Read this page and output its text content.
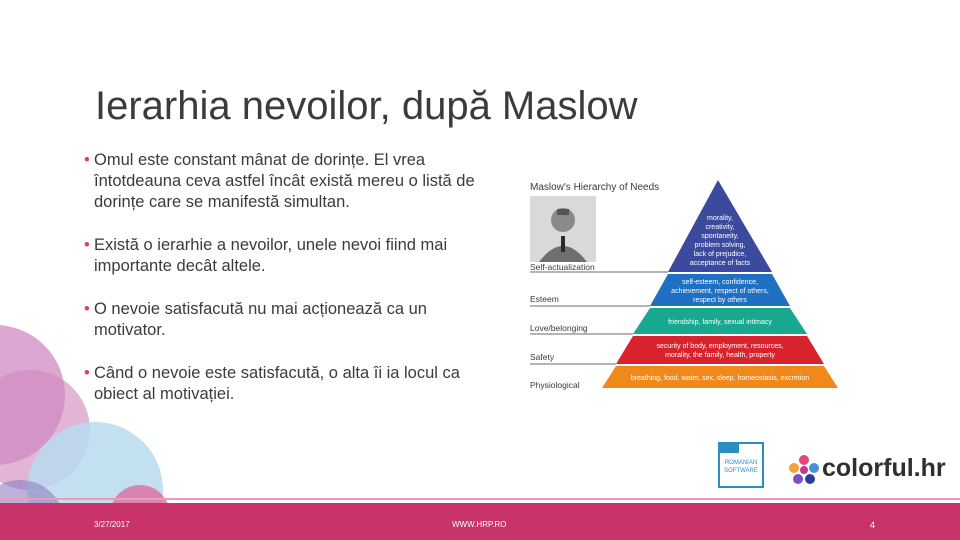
Ierarhia nevoilor, după Maslow
• Omul este constant mânat de dorințe. El vrea întotdeauna ceva astfel încât există mereu o listă de dorințe care se manifestă simultan.
• Există o ierarhie a nevoilor, unele nevoi fiind mai importante decât altele.
• O nevoie satisfacută nu mai acționează ca un motivator.
• Când o nevoie este satisfacută, o alta îi ia locul ca obiect al motivației.
Maslow's Hierarchy of Needs
Self-actualization
Esteem
Love/belonging
Safety
Physiological
morality,
creativity,
spontaneity,
problem solving,
lack of prejudice,
acceptance of facts
self-esteem, confidence,
achievement, respect of others,
respect by others
friendship, family, sexual intimacy
security of body, employment, resources,
morality, the family, health, property
breathing, food, water, sex, sleep, homeostasis, excretion
ROMANIAN
SOFTWARE	colorful.hr
3/27/2017	WWW.HRP.RO	4
